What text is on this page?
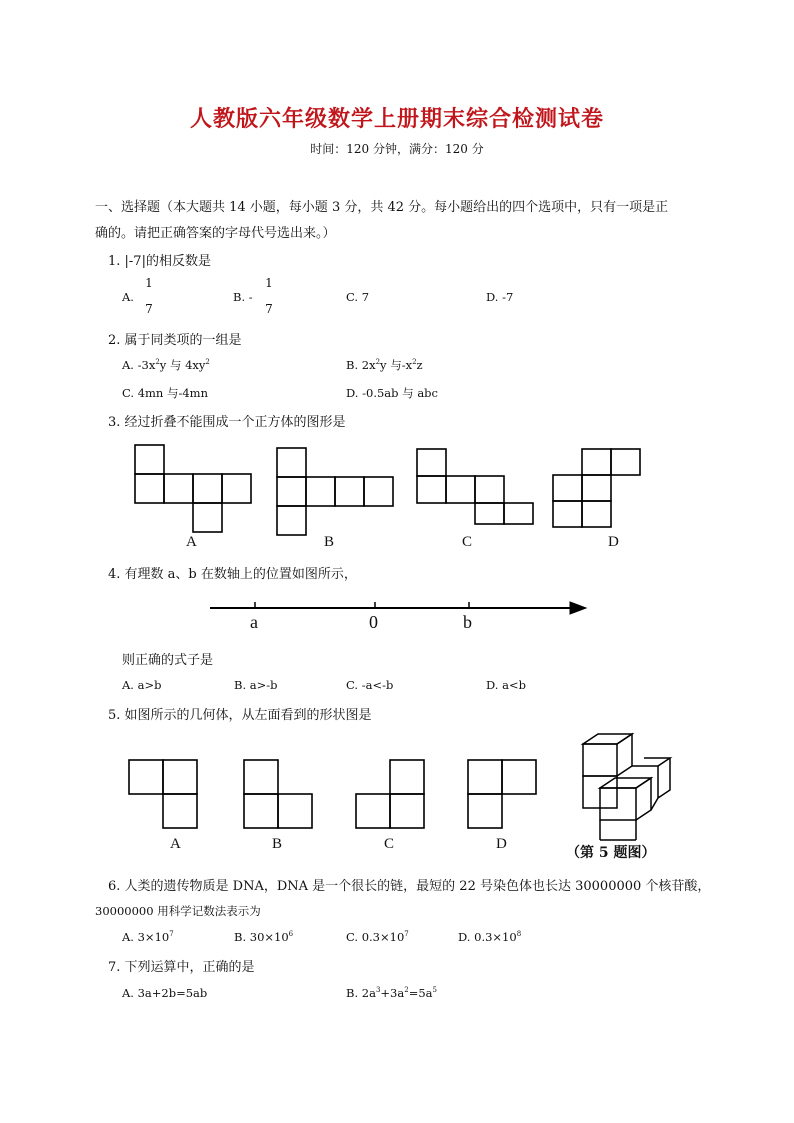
人教版六年级数学上册期末综合检测试卷
时间：120 分钟，满分：120 分
一、选择题（本大题共 14 小题，每小题 3 分，共 42 分。每小题给出的四个选项中，只有一项是正
确的。请把正确答案的字母代号选出来。）
1. |-7|的相反数是
A.
1
7
B. -
1
7
C. 7	D. -7
2. 属于同类项的一组是
A. $-3x^2y$ 与 $4xy^2$	B. $2x^2y$ 与$-x^2z$
C. 4mn 与-4mn	D. -0.5ab 与 abc
3. 经过折叠不能围成一个正方体的图形是
A	B	C	D
4. 有理数 a、b 在数轴上的位置如图所示，
a	0	b
则正确的式子是
A. a>b	B. a>-b	C. -a<-b	D. a<b
5. 如图所示的几何体，从左面看到的形状图是
A	B	C	D
（第 5 题图）
6. 人类的遗传物质是 DNA，DNA 是一个很长的链，最短的 22 号染色体也长达 30000000 个核苷酸，
30000000 用科学记数法表示为
A. $3\times 10^7$	B. $30\times 10^6$	C. $0.3\times 10^7$	D. $0.3\times 10^8$
7. 下列运算中，正确的是
A. 3a+2b=5ab	B. $2a^3+3a^2=5a^5$
